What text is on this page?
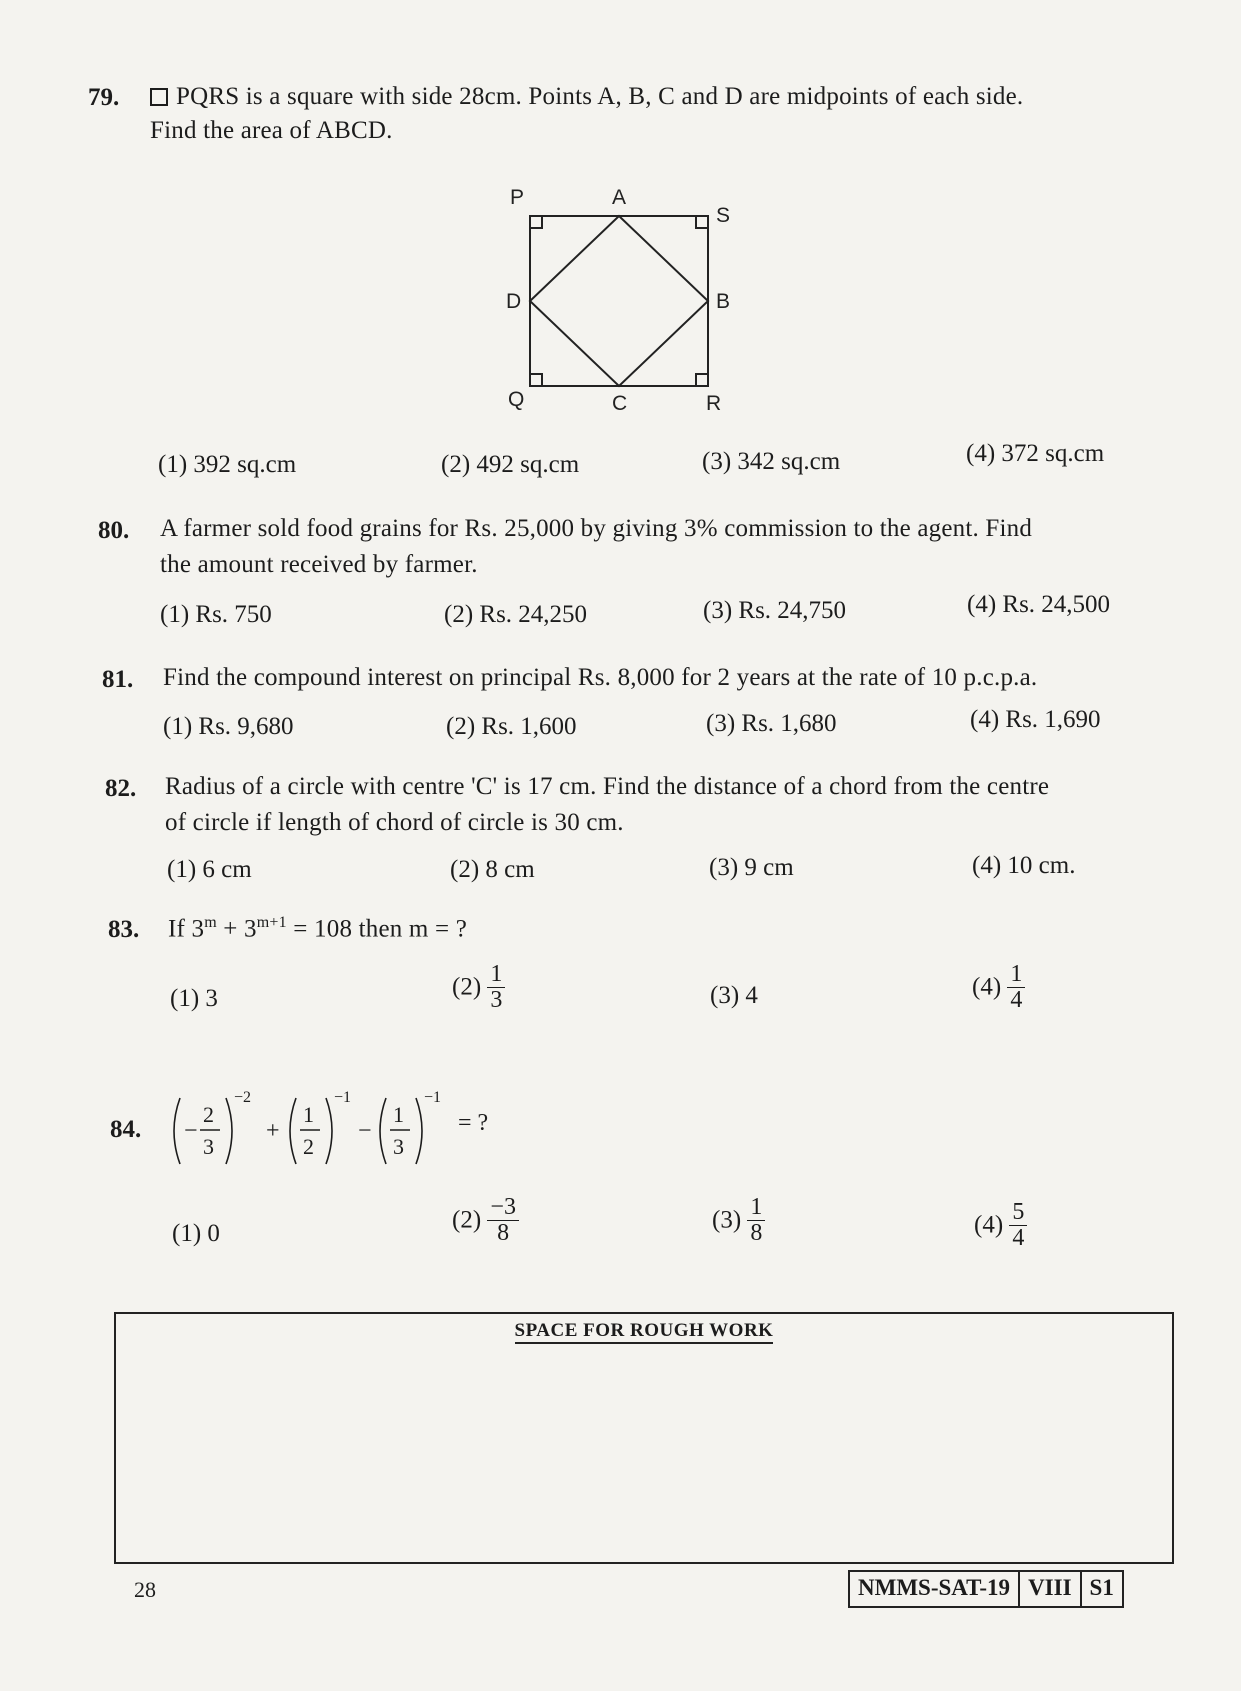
79.	PQRS is a square with side 28cm. Points A, B, C and D are midpoints of each side.
Find the area of ABCD.
P	A
S
D	B
Q	C	R
(1) 392 sq.cm	(2) 492 sq.cm	(3) 342 sq.cm	(4) 372 sq.cm
80. A farmer sold food grains for Rs. 25,000 by giving 3% commission to the agent. Find
the amount received by farmer.
(1) Rs. 750	(2) Rs. 24,250	(3) Rs. 24,750	(4) Rs. 24,500
81. Find the compound interest on principal Rs. 8,000 for 2 years at the rate of 10 p.c.p.a.
(1) Rs. 9,680	(2) Rs. 1,600	(3) Rs. 1,680	(4) Rs. 1,690
82. Radius of a circle with centre 'C' is 17 cm. Find the distance of a chord from the centre
of circle if length of chord of circle is 30 cm.
(1) 6 cm	(2) 8 cm	(3) 9 cm	(4) 10 cm.
83. If $3^m + 3^{m+1} = 108$ then m = ?
(1) 3	$(2) \frac{1}{3}$	(3) 4	$(4) \frac{1}{4}$
84. −
2
3
−2
+
1
2
−1
−
1
3
−1
= ?
(1) 0	$(2) \frac{-3}{8}$	$(3) \frac{1}{8}$	$(4) \frac{5}{4}$
SPACE FOR ROUGH WORK
28	NMMS-SAT-19 VIII S1
